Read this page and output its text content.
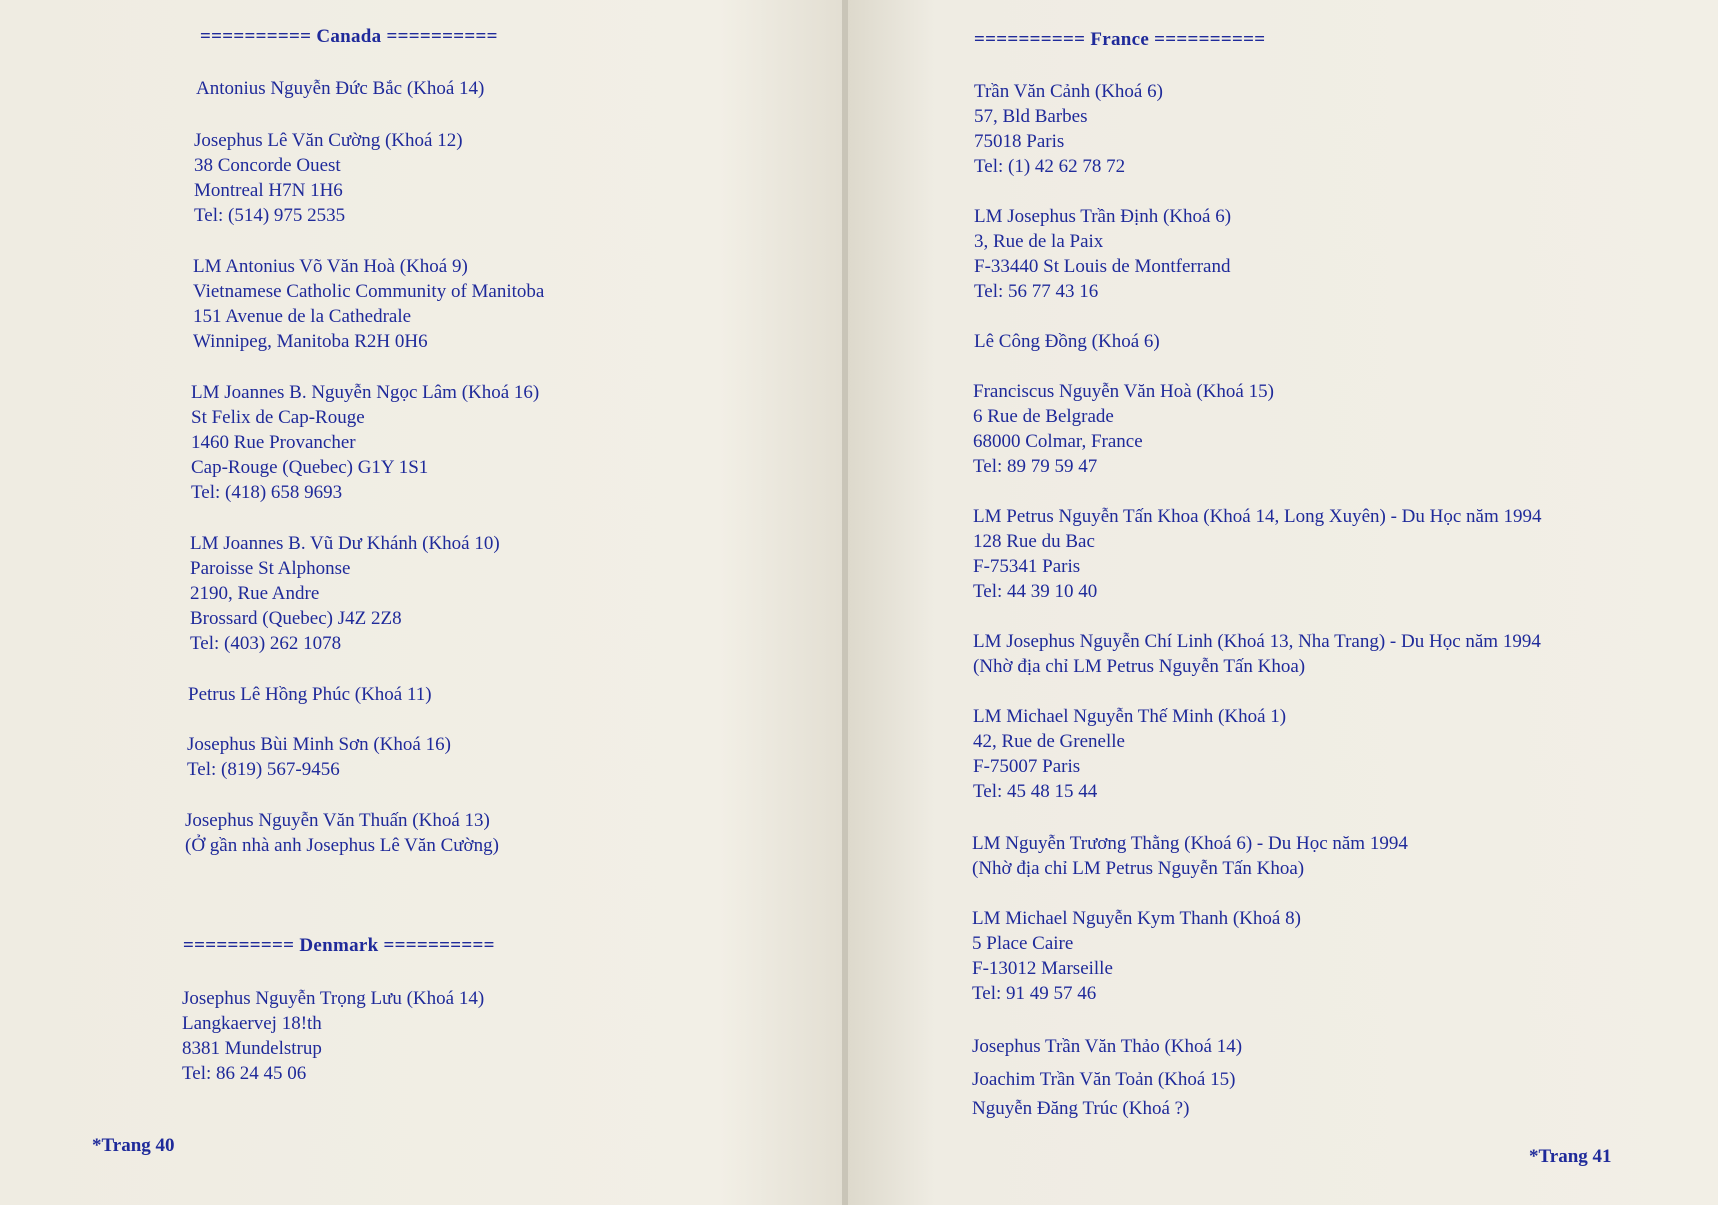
========== Canada ==========
Antonius Nguyễn Đức Bắc (Khoá 14)
Josephus Lê Văn Cường (Khoá 12)
38 Concorde Ouest
Montreal H7N 1H6
Tel: (514) 975 2535
LM Antonius Võ Văn Hoà (Khoá 9)
Vietnamese Catholic Community of Manitoba
151 Avenue de la Cathedrale
Winnipeg, Manitoba R2H 0H6
LM Joannes B. Nguyễn Ngọc Lâm (Khoá 16)
St Felix de Cap-Rouge
1460 Rue Provancher
Cap-Rouge (Quebec) G1Y 1S1
Tel: (418) 658 9693
LM Joannes B. Vũ Dư Khánh (Khoá 10)
Paroisse St Alphonse
2190, Rue Andre
Brossard (Quebec) J4Z 2Z8
Tel: (403) 262 1078
Petrus Lê Hồng Phúc (Khoá 11)
Josephus Bùi Minh Sơn (Khoá 16)
Tel: (819) 567-9456
Josephus Nguyễn Văn Thuấn (Khoá 13)
(Ở gần nhà anh Josephus Lê Văn Cường)
========== Denmark ==========
Josephus Nguyễn Trọng Lưu (Khoá 14)
Langkaervej 18!th
8381 Mundelstrup
Tel: 86 24 45 06
*Trang 40
========== France ==========
Trần Văn Cảnh (Khoá 6)
57, Bld Barbes
75018 Paris
Tel: (1) 42 62 78 72
LM Josephus Trần Định (Khoá 6)
3, Rue de la Paix
F-33440 St Louis de Montferrand
Tel: 56 77 43 16
Lê Công Đồng (Khoá 6)
Franciscus Nguyễn Văn Hoà (Khoá 15)
6 Rue de Belgrade
68000 Colmar, France
Tel: 89 79 59 47
LM Petrus Nguyễn Tấn Khoa (Khoá 14, Long Xuyên) - Du Học năm 1994
128 Rue du Bac
F-75341 Paris
Tel: 44 39 10 40
LM Josephus Nguyễn Chí Linh (Khoá 13, Nha Trang) - Du Học năm 1994
(Nhờ địa chỉ LM Petrus Nguyễn Tấn Khoa)
LM Michael Nguyễn Thế Minh (Khoá 1)
42, Rue de Grenelle
F-75007 Paris
Tel: 45 48 15 44
LM Nguyễn Trương Thằng (Khoá 6) - Du Học năm 1994
(Nhờ địa chỉ LM Petrus Nguyễn Tấn Khoa)
LM Michael Nguyễn Kym Thanh (Khoá 8)
5 Place Caire
F-13012 Marseille
Tel: 91 49 57 46
Josephus Trần Văn Thảo (Khoá 14)
Joachim Trần Văn Toản (Khoá 15)
Nguyễn Đăng Trúc (Khoá ?)
*Trang 41
